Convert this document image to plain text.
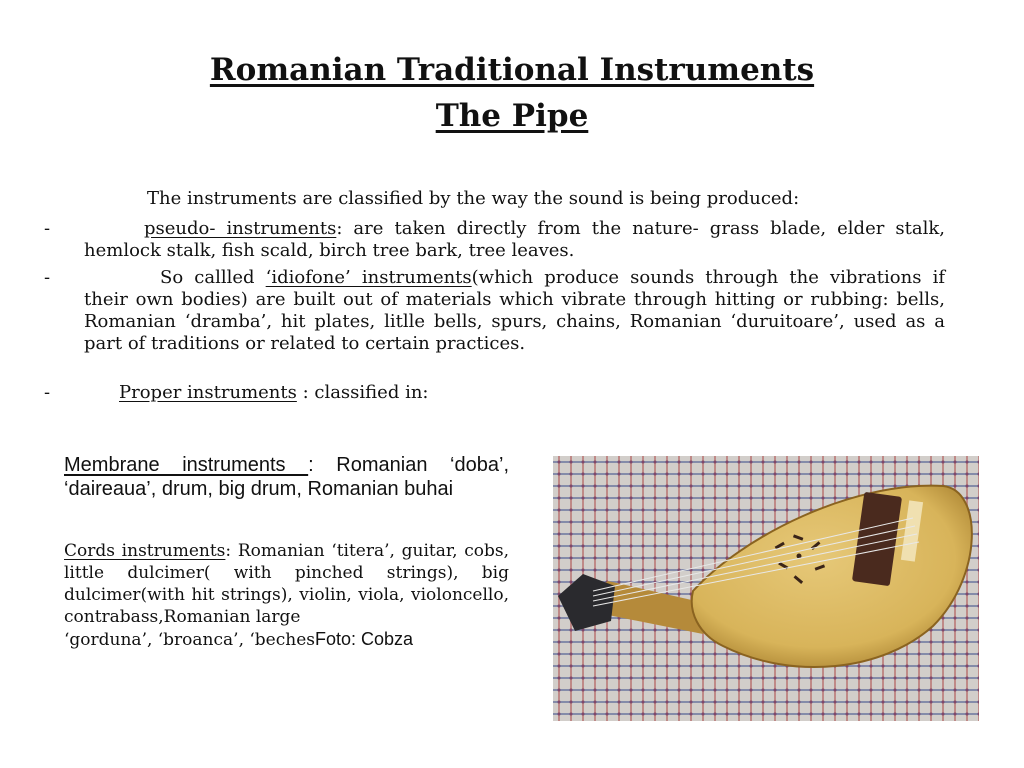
Romanian Traditional Instruments
The Pipe
The instruments are classified by the way the sound is being produced:
-	pseudo- instruments: are taken directly from the nature- grass blade, elder stalk, hemlock stalk, fish scald, birch tree bark, tree leaves.
-	So callled ‘idiofone’ instruments(which produce sounds through the vibrations if their own bodies) are built out of materials which vibrate through hitting or rubbing: bells, Romanian ‘dramba’, hit plates, litlle bells, spurs, chains, Romanian ‘duruitoare’, used as a part of traditions or related to certain practices.
-	Proper instruments : classified in:
Membrane instruments : Romanian ‘doba’, ‘daireaua’, drum, big drum, Romanian buhai
Cords instruments: Romanian ‘titera’, guitar, cobs, little dulcimer( with pinched strings), big dulcimer(with hit strings), violin, viola, violoncello, contrabass,Romanian large
‘gorduna’, ‘broanca’, ‘bechesFoto: Cobza
